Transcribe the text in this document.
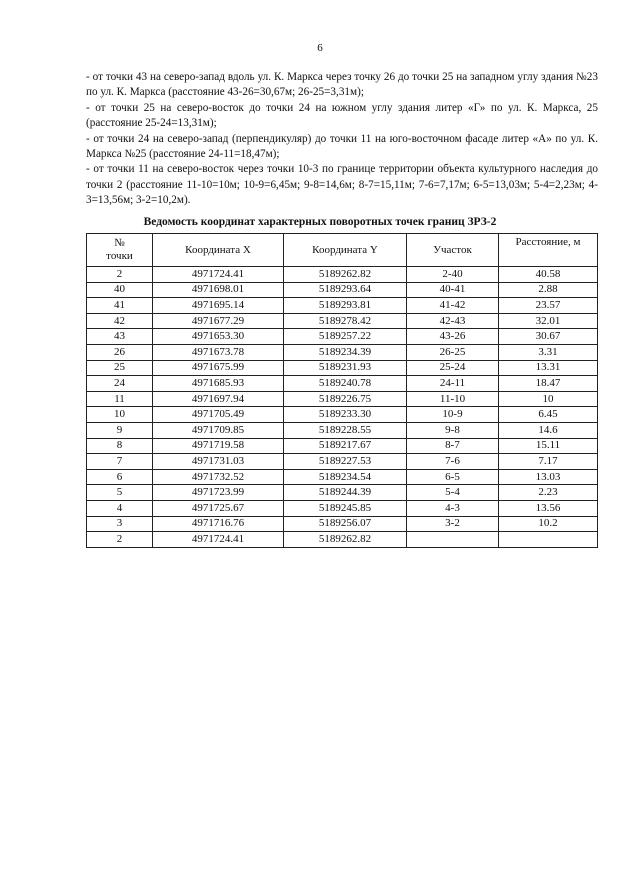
6

- от точки 43 на северо-запад вдоль ул. К. Маркса через точку 26 до точки 25 на западном углу здания №23 по ул. К. Маркса (расстояние 43-26=30,67м; 26-25=3,31м);

- от точки 25 на северо-восток до точки 24 на южном углу здания литер «Г» по ул. К. Маркса, 25 (расстояние 25-24=13,31м);

- от точки 24 на северо-запад (перпендикуляр) до точки 11 на юго-восточном фасаде литер «А» по ул. К. Маркса №25 (расстояние 24-11=18,47м);

- от точки 11 на северо-восток через точки 10-3 по границе территории объекта культурного наследия до точки 2 (расстояние 11-10=10м; 10-9=6,45м; 9-8=14,6м; 8-7=15,11м; 7-6=7,17м; 6-5=13,03м; 5-4=2,23м; 4-3=13,56м; 3-2=10,2м).

Ведомость координат характерных поворотных точек границ ЗРЗ-2
№
точки	Координата X	Координата Y	Участок	Расстояние, м
2	4971724.41	5189262.82	2-40	40.58
40	4971698.01	5189293.64	40-41	2.88
41	4971695.14	5189293.81	41-42	23.57
42	4971677.29	5189278.42	42-43	32.01
43	4971653.30	5189257.22	43-26	30.67
26	4971673.78	5189234.39	26-25	3.31
25	4971675.99	5189231.93	25-24	13.31
24	4971685.93	5189240.78	24-11	18.47
11	4971697.94	5189226.75	11-10	10
10	4971705.49	5189233.30	10-9	6.45
9	4971709.85	5189228.55	9-8	14.6
8	4971719.58	5189217.67	8-7	15.11
7	4971731.03	5189227.53	7-6	7.17
6	4971732.52	5189234.54	6-5	13.03
5	4971723.99	5189244.39	5-4	2.23
4	4971725.67	5189245.85	4-3	13.56
3	4971716.76	5189256.07	3-2	10.2
2	4971724.41	5189262.82		
